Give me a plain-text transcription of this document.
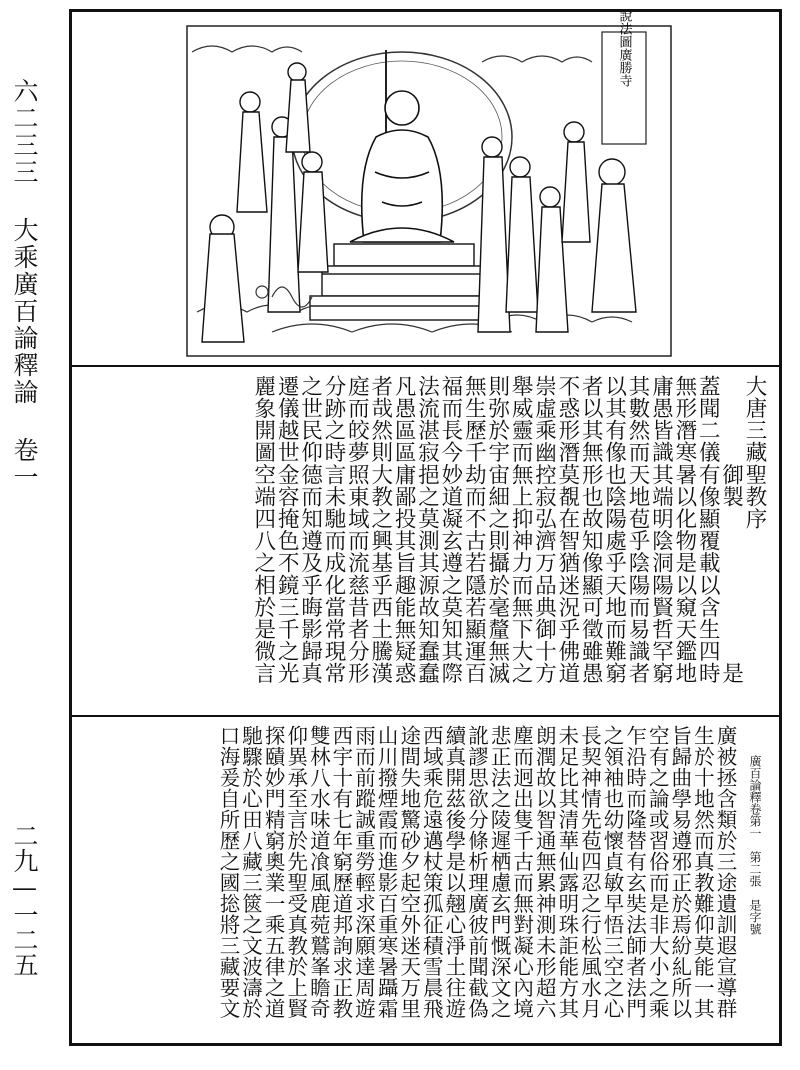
六二三三 大乘廣百論釋論 卷一
二九—一二五
說法圖廣勝寺
大唐三藏聖教序
　　　　御製　　　　　　　是
蓋聞二儀有像顯覆載以含生四時
無形潛寒暑以化物是以窺天鑑地
庸愚皆識其端明陰洞陽賢哲罕窮
其數然而天地苞乎陰陽而易識者
以其有像也陰陽處乎天地而難窮
者以其無形也故知像顯可徵雖愚
不惑形潛莫覩在智猶迷況乎佛道
崇虛乘幽控寂弘濟万品典御十方
舉威靈而無上抑神力而無下大之
則弥於宇宙細之則攝於毫釐無滅
無生歷千劫而不古若隱若顯運百
福而長今妙道凝玄遵之莫知其際
法流湛寂挹之莫測其源故知蠢蠢
凡愚區區庸鄙投其旨趣能無疑惑
者哉然則大教之興基乎西土騰漢
庭而皎夢照東域而流慈昔者分形
分跡之時言未馳而成化當常現常
之世民仰德而知遵及乎晦影歸真
遷儀越世金容掩色不鏡三千之光
麗象開圖空端四八之相於是微言
廣百論釋卷第一　第二張　是字號
廣被拯含類於三途遺訓遐宣導群
生於十地然而真教難仰莫能一其
旨歸曲學易遵邪正於焉紛糺所以
空有之論或習俗而是非大小之乘
乍沿時而隆替有玄奘法師者法門
之領袖也幼懷貞敏早悟三空之心
長契神情先苞四忍之行松風水月
未足比其清華仙露明珠詎能方其
朗潤故以智通無累神測未形超六
塵而迥出隻千古而無對凝心內境
悲正法之陵遲栖慮玄門慨深文之
訛謬思欲分條析理廣彼前聞截偽
續真開茲後學是以翹心淨土往遊
西域乘危遠邁杖策孤征積雪晨飛
途間失地驚砂夕起空外迷天万里
山川撥煙霞而進影百重寒暑躡霜
雨而前蹤誠重勞輕求深願達周遊
西宇十有七年窮歷道邦詢求正教
雙林八水味道飡風鹿菀鷲峯瞻奇
仰異承至言於先聖受真教於上賢
探賾妙門精窮奧業一乘五律之道
馳驟於心田八藏三篋之文波濤於
口海爰自所歷之國捴將三藏要文
